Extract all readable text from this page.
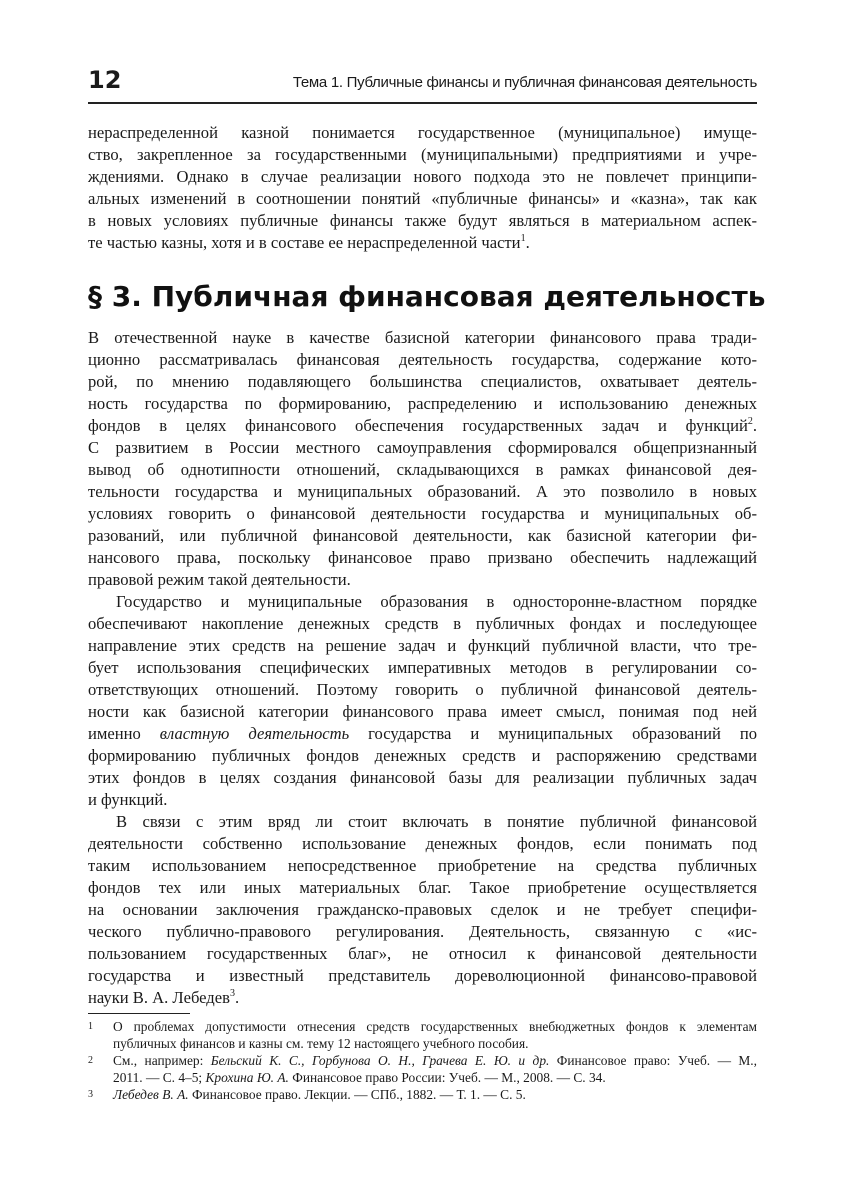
12	Тема 1. Публичные финансы и публичная финансовая деятельность
нераспределенной казной понимается государственное (муниципальное) имуще-
ство, закрепленное за государственными (муниципальными) предприятиями и учре-
ждениями. Однако в случае реализации нового подхода это не повлечет принципи-
альных изменений в соотношении понятий «публичные финансы» и «казна», так как
в новых условиях публичные финансы также будут являться в материальном аспек-
те частью казны, хотя и в составе ее нераспределенной части$^1$.
§ 3. Публичная финансовая деятельность
В отечественной науке в качестве базисной категории финансового права тради-
ционно рассматривалась финансовая деятельность государства, содержание кото-
рой, по мнению подавляющего большинства специалистов, охватывает деятель-
ность государства по формированию, распределению и использованию денежных
фондов в целях финансового обеспечения государственных задач и функций$^2$.
С развитием в России местного самоуправления сформировался общепризнанный
вывод об однотипности отношений, складывающихся в рамках финансовой дея-
тельности государства и муниципальных образований. А это позволило в новых
условиях говорить о финансовой деятельности государства и муниципальных об-
разований, или публичной финансовой деятельности, как базисной категории фи-
нансового права, поскольку финансовое право призвано обеспечить надлежащий
правовой режим такой деятельности.
Государство и муниципальные образования в односторонне-властном порядке
обеспечивают накопление денежных средств в публичных фондах и последующее
направление этих средств на решение задач и функций публичной власти, что тре-
бует использования специфических императивных методов в регулировании со-
ответствующих отношений. Поэтому говорить о публичной финансовой деятель-
ности как базисной категории финансового права имеет смысл, понимая под ней
именно властную деятельность государства и муниципальных образований по
формированию публичных фондов денежных средств и распоряжению средствами
этих фондов в целях создания финансовой базы для реализации публичных задач
и функций.
В связи с этим вряд ли стоит включать в понятие публичной финансовой
деятельности собственно использование денежных фондов, если понимать под
таким использованием непосредственное приобретение на средства публичных
фондов тех или иных материальных благ. Такое приобретение осуществляется
на основании заключения гражданско-правовых сделок и не требует специфи-
ческого публично-правового регулирования. Деятельность, связанную с «ис-
пользованием государственных благ», не относил к финансовой деятельности
государства и известный представитель дореволюционной финансово-правовой
науки В. А. Лебедев$^3$.
1 О проблемах допустимости отнесения средств государственных внебюджетных фондов к элементам
публичных финансов и казны см. тему 12 настоящего учебного пособия.
2 См., например: Бельский К. С., Горбунова О. Н., Грачева Е. Ю. и др. Финансовое право: Учеб. — М.,
2011. — С. 4–5; Крохина Ю. А. Финансовое право России: Учеб. — М., 2008. — С. 34.
3 Лебедев В. А. Финансовое право. Лекции. — СПб., 1882. — Т. 1. — С. 5.
